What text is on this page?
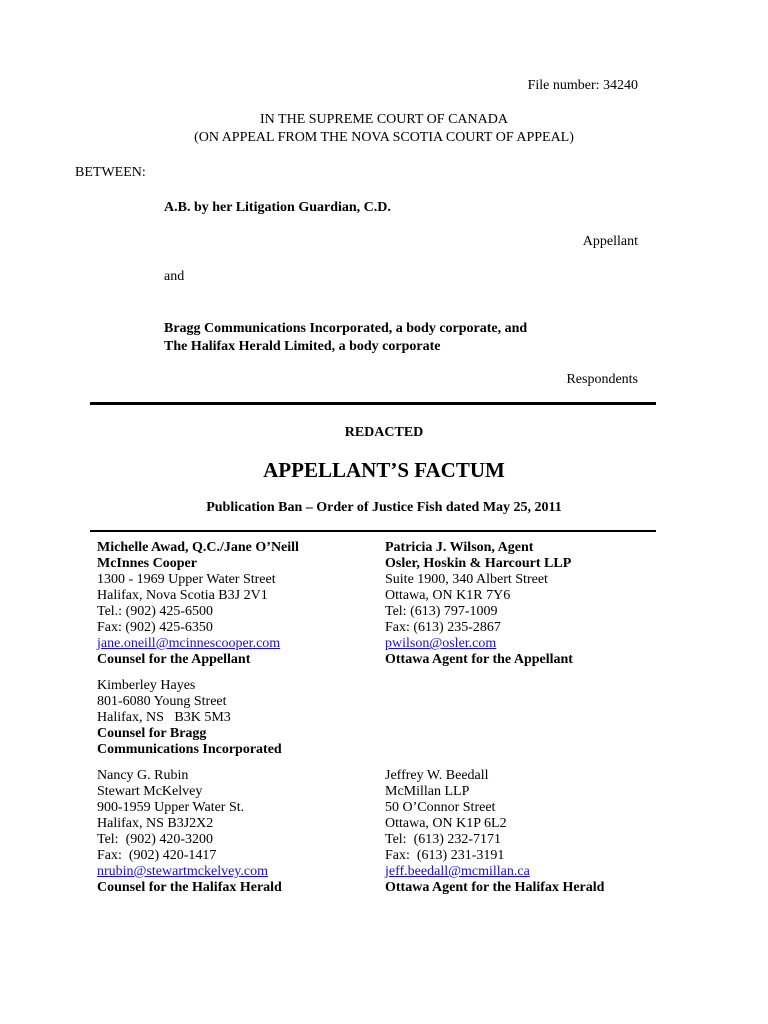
File number: 34240
IN THE SUPREME COURT OF CANADA
(ON APPEAL FROM THE NOVA SCOTIA COURT OF APPEAL)
BETWEEN:
A.B. by her Litigation Guardian, C.D.
Appellant
and
Bragg Communications Incorporated, a body corporate, and
The Halifax Herald Limited, a body corporate
Respondents
REDACTED
APPELLANT’S FACTUM
Publication Ban – Order of Justice Fish dated May 25, 2011
Michelle Awad, Q.C./Jane O’Neill
McInnes Cooper
1300 - 1969 Upper Water Street
Halifax, Nova Scotia B3J 2V1
Tel.: (902) 425-6500
Fax: (902) 425-6350
jane.oneill@mcinnescooper.com
Counsel for the Appellant
Patricia J. Wilson, Agent
Osler, Hoskin & Harcourt LLP
Suite 1900, 340 Albert Street
Ottawa, ON K1R 7Y6
Tel: (613) 797-1009
Fax: (613) 235-2867
pwilson@osler.com
Ottawa Agent for the Appellant
Kimberley Hayes
801-6080 Young Street
Halifax, NS   B3K 5M3
Counsel for Bragg
Communications Incorporated
Nancy G. Rubin
Stewart McKelvey
900-1959 Upper Water St.
Halifax, NS B3J2X2
Tel:  (902) 420-3200
Fax:  (902) 420-1417
nrubin@stewartmckelvey.com
Counsel for the Halifax Herald
Jeffrey W. Beedall
McMillan LLP
50 O’Connor Street
Ottawa, ON K1P 6L2
Tel:  (613) 232-7171
Fax:  (613) 231-3191
jeff.beedall@mcmillan.ca
Ottawa Agent for the Halifax Herald
